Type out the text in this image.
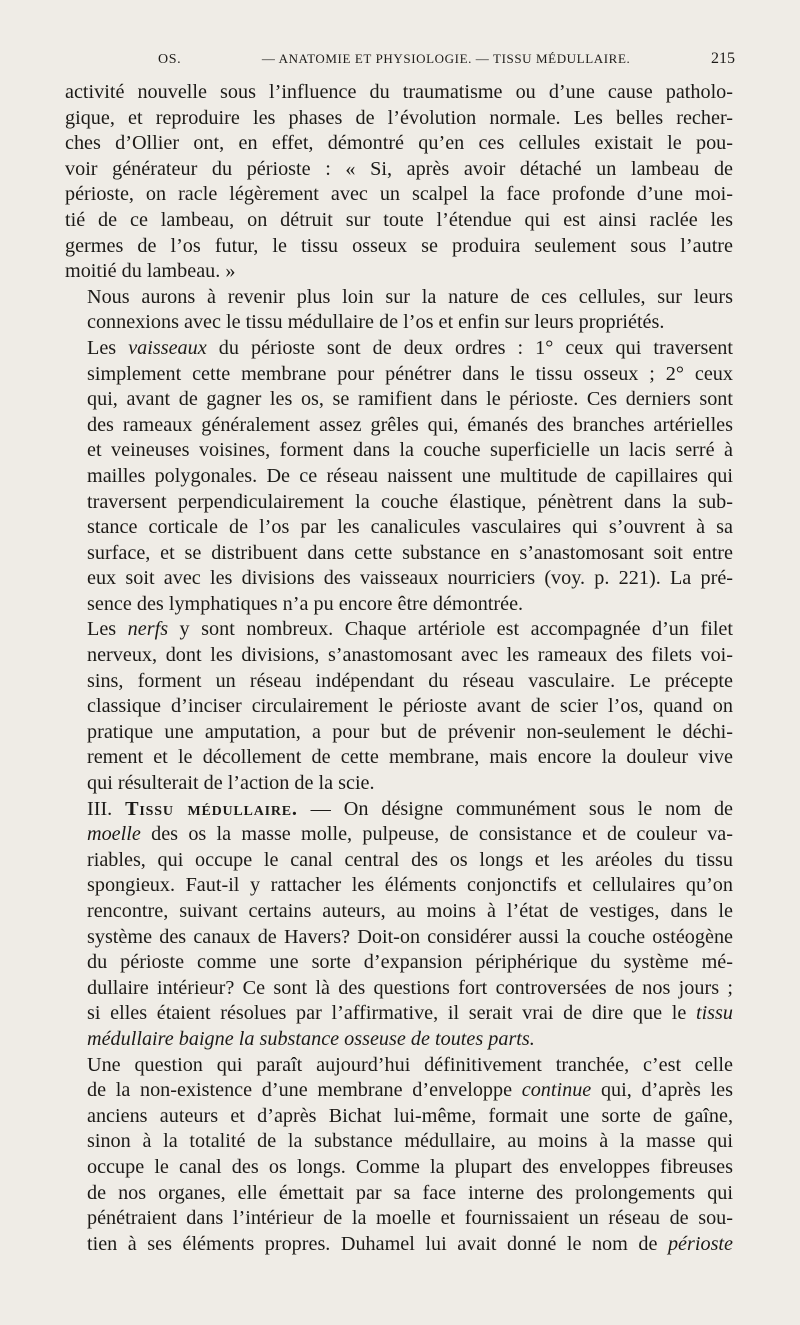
OS.	— ANATOMIE ET PHYSIOLOGIE. — TISSU MÉDULLAIRE.	215

activité nouvelle sous l’influence du traumatisme ou d’une cause patholo-
gique, et reproduire les phases de l’évolution normale. Les belles recher-
ches d’Ollier ont, en effet, démontré qu’en ces cellules existait le pou-
voir générateur du périoste : « Si, après avoir détaché un lambeau de
périoste, on racle légèrement avec un scalpel la face profonde d’une moi-
tié de ce lambeau, on détruit sur toute l’étendue qui est ainsi raclée les
germes de l’os futur, le tissu osseux se produira seulement sous l’autre
moitié du lambeau. »

Nous aurons à revenir plus loin sur la nature de ces cellules, sur leurs
connexions avec le tissu médullaire de l’os et enfin sur leurs propriétés.

Les vaisseaux du périoste sont de deux ordres : 1° ceux qui traversent
simplement cette membrane pour pénétrer dans le tissu osseux ; 2° ceux
qui, avant de gagner les os, se ramifient dans le périoste. Ces derniers sont
des rameaux généralement assez grêles qui, émanés des branches artérielles
et veineuses voisines, forment dans la couche superficielle un lacis serré à
mailles polygonales. De ce réseau naissent une multitude de capillaires qui
traversent perpendiculairement la couche élastique, pénètrent dans la sub-
stance corticale de l’os par les canalicules vasculaires qui s’ouvrent à sa
surface, et se distribuent dans cette substance en s’anastomosant soit entre
eux soit avec les divisions des vaisseaux nourriciers (voy. p. 221). La pré-
sence des lymphatiques n’a pu encore être démontrée.

Les nerfs y sont nombreux. Chaque artériole est accompagnée d’un filet
nerveux, dont les divisions, s’anastomosant avec les rameaux des filets voi-
sins, forment un réseau indépendant du réseau vasculaire. Le précepte
classique d’inciser circulairement le périoste avant de scier l’os, quand on
pratique une amputation, a pour but de prévenir non-seulement le déchi-
rement et le décollement de cette membrane, mais encore la douleur vive
qui résulterait de l’action de la scie.

III. Tissu médullaire. — On désigne communément sous le nom de
moelle des os la masse molle, pulpeuse, de consistance et de couleur va-
riables, qui occupe le canal central des os longs et les aréoles du tissu
spongieux. Faut-il y rattacher les éléments conjonctifs et cellulaires qu’on
rencontre, suivant certains auteurs, au moins à l’état de vestiges, dans le
système des canaux de Havers? Doit-on considérer aussi la couche ostéogène
du périoste comme une sorte d’expansion périphérique du système mé-
dullaire intérieur? Ce sont là des questions fort controversées de nos jours ;
si elles étaient résolues par l’affirmative, il serait vrai de dire que le tissu
médullaire baigne la substance osseuse de toutes parts.

Une question qui paraît aujourd’hui définitivement tranchée, c’est celle
de la non-existence d’une membrane d’enveloppe continue qui, d’après les
anciens auteurs et d’après Bichat lui-même, formait une sorte de gaîne,
sinon à la totalité de la substance médullaire, au moins à la masse qui
occupe le canal des os longs. Comme la plupart des enveloppes fibreuses
de nos organes, elle émettait par sa face interne des prolongements qui
pénétraient dans l’intérieur de la moelle et fournissaient un réseau de sou-
tien à ses éléments propres. Duhamel lui avait donné le nom de périoste
